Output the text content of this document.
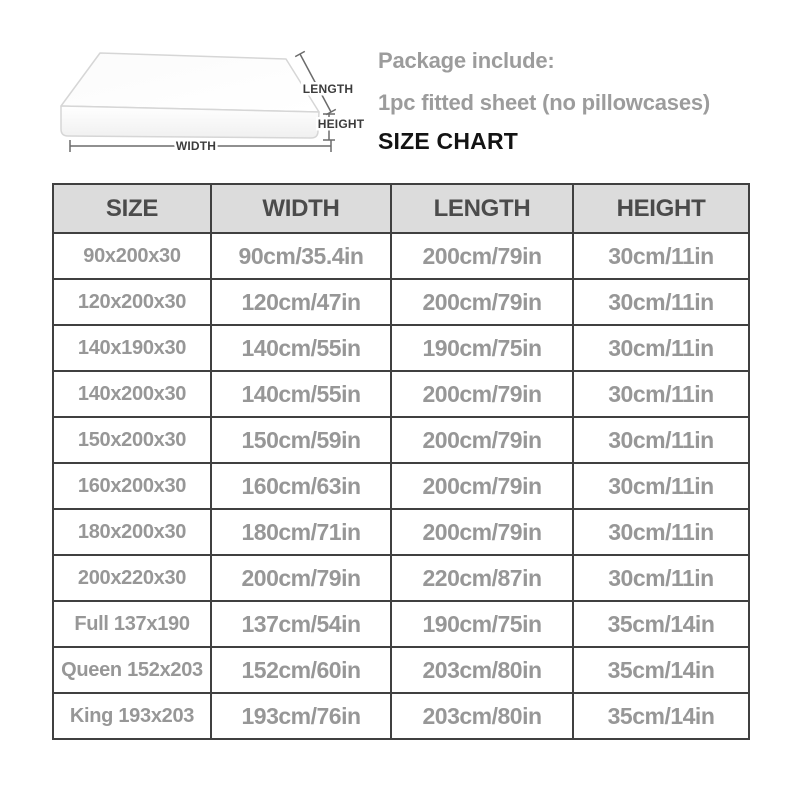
LENGTH
HEIGHT
WIDTH

Package include:

1pc fitted sheet (no pillowcases)

SIZE CHART

SIZE	WIDTH	LENGTH	HEIGHT
90x200x30	90cm/35.4in	200cm/79in	30cm/11in
120x200x30	120cm/47in	200cm/79in	30cm/11in
140x190x30	140cm/55in	190cm/75in	30cm/11in
140x200x30	140cm/55in	200cm/79in	30cm/11in
150x200x30	150cm/59in	200cm/79in	30cm/11in
160x200x30	160cm/63in	200cm/79in	30cm/11in
180x200x30	180cm/71in	200cm/79in	30cm/11in
200x220x30	200cm/79in	220cm/87in	30cm/11in
Full 137x190	137cm/54in	190cm/75in	35cm/14in
Queen 152x203	152cm/60in	203cm/80in	35cm/14in
King 193x203	193cm/76in	203cm/80in	35cm/14in
